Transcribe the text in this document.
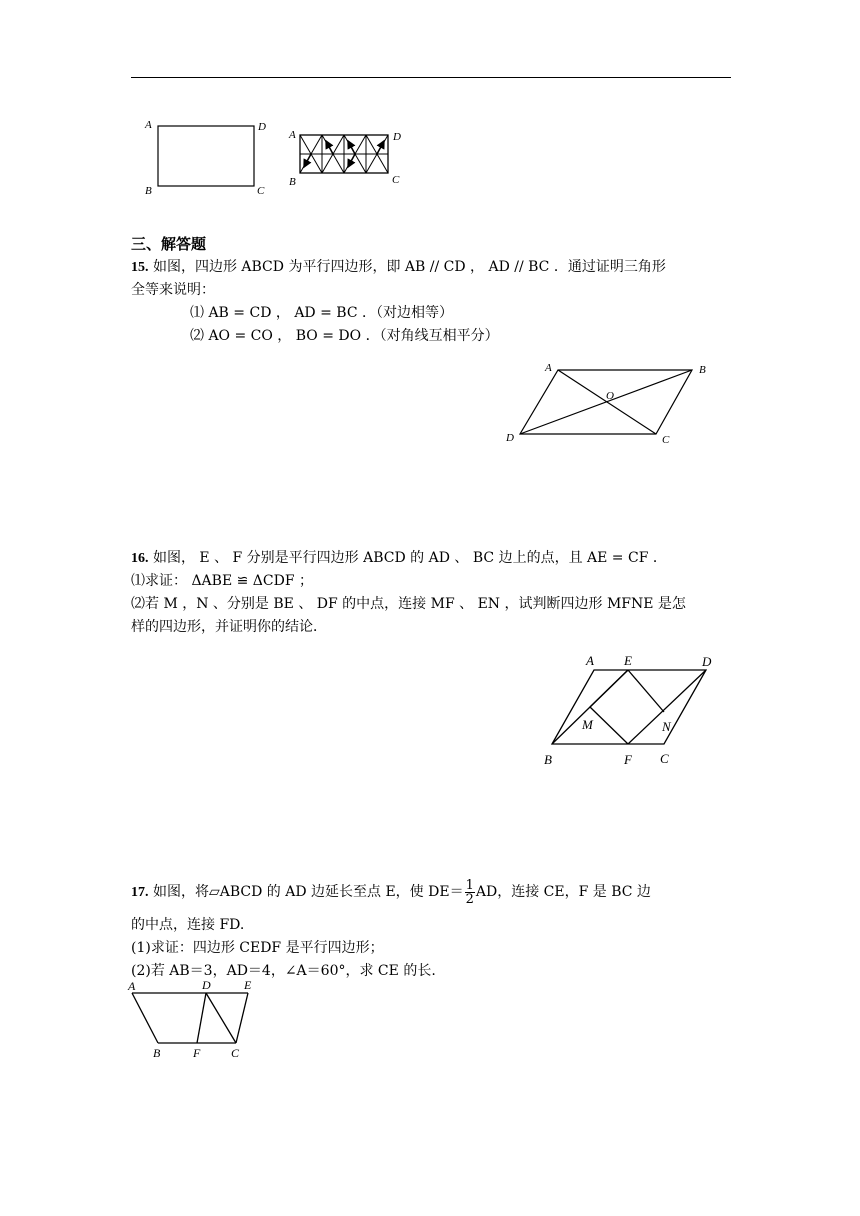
A	D
B	C
A	D
B	C
三、解答题
15. 如图，四边形 ABCD 为平行四边形，即 AB // CD ， AD // BC ．通过证明三角形
全等来说明：
⑴ AB = CD ， AD = BC ．（对边相等）
⑵ AO = CO ， BO = DO ．（对角线互相平分）
A	B
O
D	C
16. 如图， E 、 F 分别是平行四边形 ABCD 的 AD 、 BC 边上的点，且 AE = CF ．
⑴求证： ΔABE ≌ ΔCDF ；
⑵若 M ，N 、分别是 BE 、 DF 的中点，连接 MF 、 EN ，试判断四边形 MFNE 是怎
样的四边形，并证明你的结论．
A E	D
M	N
B	F C
17. 如图，将▱ABCD 的 AD 边延长至点 E，使 $DE= \frac{1}{2}$ AD，连接 CE，F 是 BC 边
的中点，连接 FD.
(1)求证：四边形 CEDF 是平行四边形；
(2)若 AB＝3，AD＝4，∠A＝60°，求 CE 的长.
A	D	E
B	F	C
